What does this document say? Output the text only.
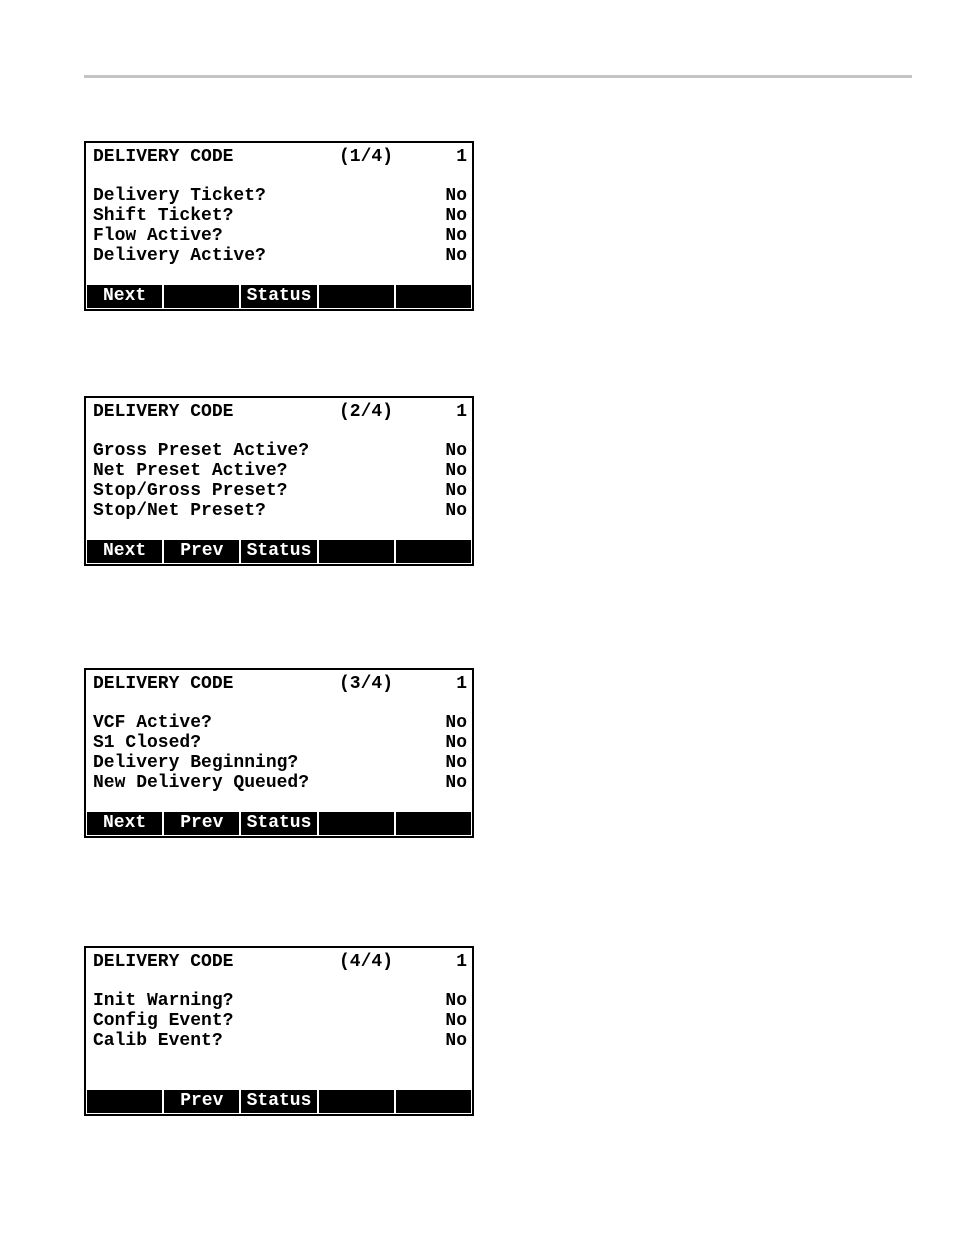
DELIVERY CODE	(1/4)	1
Delivery Ticket?	No
Shift Ticket?	No
Flow Active?	No
Delivery Active?	No
Next	Status
DELIVERY CODE	(2/4)	1
Gross Preset Active?	No
Net Preset Active?	No
Stop/Gross Preset?	No
Stop/Net Preset?	No
Next	Prev	Status
DELIVERY CODE	(3/4)	1
VCF Active?	No
S1 Closed?	No
Delivery Beginning?	No
New Delivery Queued?	No
Next	Prev	Status
DELIVERY CODE	(4/4)	1
Init Warning?	No
Config Event?	No
Calib Event?	No
Prev	Status
